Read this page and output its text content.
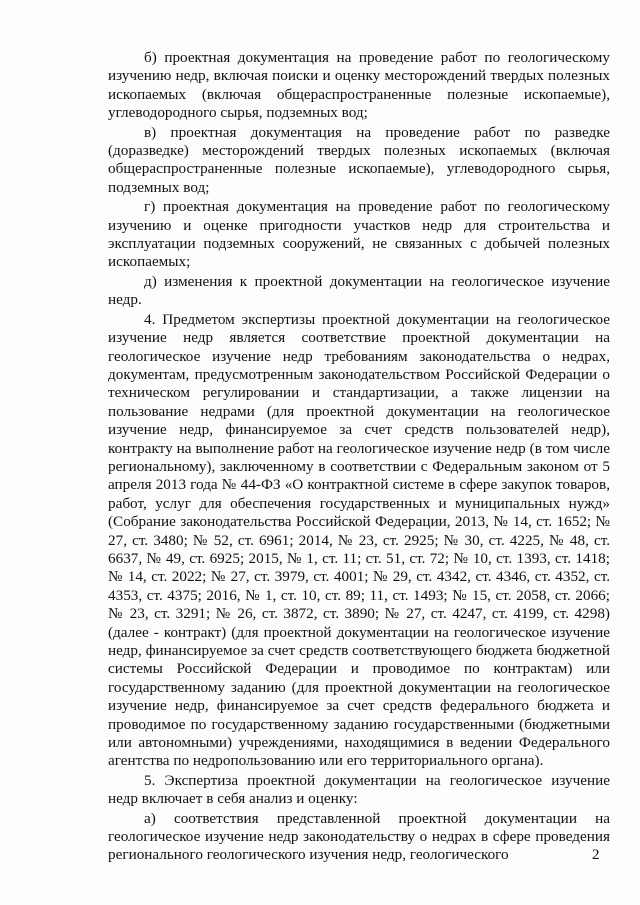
б) проектная документация на проведение работ по геологическому изучению недр, включая поиски и оценку месторождений твердых полезных ископаемых (включая общераспространенные полезные ископаемые), углеводородного сырья, подземных вод;

в) проектная документация на проведение работ по разведке (доразведке) месторождений твердых полезных ископаемых (включая общераспространенные полезные ископаемые), углеводородного сырья, подземных вод;

г) проектная документация на проведение работ по геологическому изучению и оценке пригодности участков недр для строительства и эксплуатации подземных сооружений, не связанных с добычей полезных ископаемых;

д) изменения к проектной документации на геологическое изучение недр.

4. Предметом экспертизы проектной документации на геологическое изучение недр является соответствие проектной документации на геологическое изучение недр требованиям законодательства о недрах, документам, предусмотренным законодательством Российской Федерации о техническом регулировании и стандартизации, а также лицензии на пользование недрами (для проектной документации на геологическое изучение недр, финансируемое за счет средств пользователей недр), контракту на выполнение работ на геологическое изучение недр (в том числе региональному), заключенному в соответствии с Федеральным законом от 5 апреля 2013 года № 44-ФЗ «О контрактной системе в сфере закупок товаров, работ, услуг для обеспечения государственных и муниципальных нужд» (Собрание законодательства Российской Федерации, 2013, № 14, ст. 1652; № 27, ст. 3480; № 52, ст. 6961; 2014, № 23, ст. 2925; № 30, ст. 4225, № 48, ст. 6637, № 49, ст. 6925; 2015, № 1, ст. 11; ст. 51, ст. 72; № 10, ст. 1393, ст. 1418; № 14, ст. 2022; № 27, ст. 3979, ст. 4001; № 29, ст. 4342, ст. 4346, ст. 4352, ст. 4353, ст. 4375; 2016, № 1, ст. 10, ст. 89; 11, ст. 1493; № 15, ст. 2058, ст. 2066; № 23, ст. 3291; № 26, ст. 3872, ст. 3890; № 27, ст. 4247, ст. 4199, ст. 4298) (далее - контракт) (для проектной документации на геологическое изучение недр, финансируемое за счет средств соответствующего бюджета бюджетной системы Российской Федерации и проводимое по контрактам) или государственному заданию (для проектной документации на геологическое изучение недр, финансируемое за счет средств федерального бюджета и проводимое по государственному заданию государственными (бюджетными или автономными) учреждениями, находящимися в ведении Федерального агентства по недропользованию или его территориального органа).

5. Экспертиза проектной документации на геологическое изучение недр включает в себя анализ и оценку:

а) соответствия представленной проектной документации на геологическое изучение недр законодательству о недрах в сфере проведения регионального геологического изучения недр, геологического	2
